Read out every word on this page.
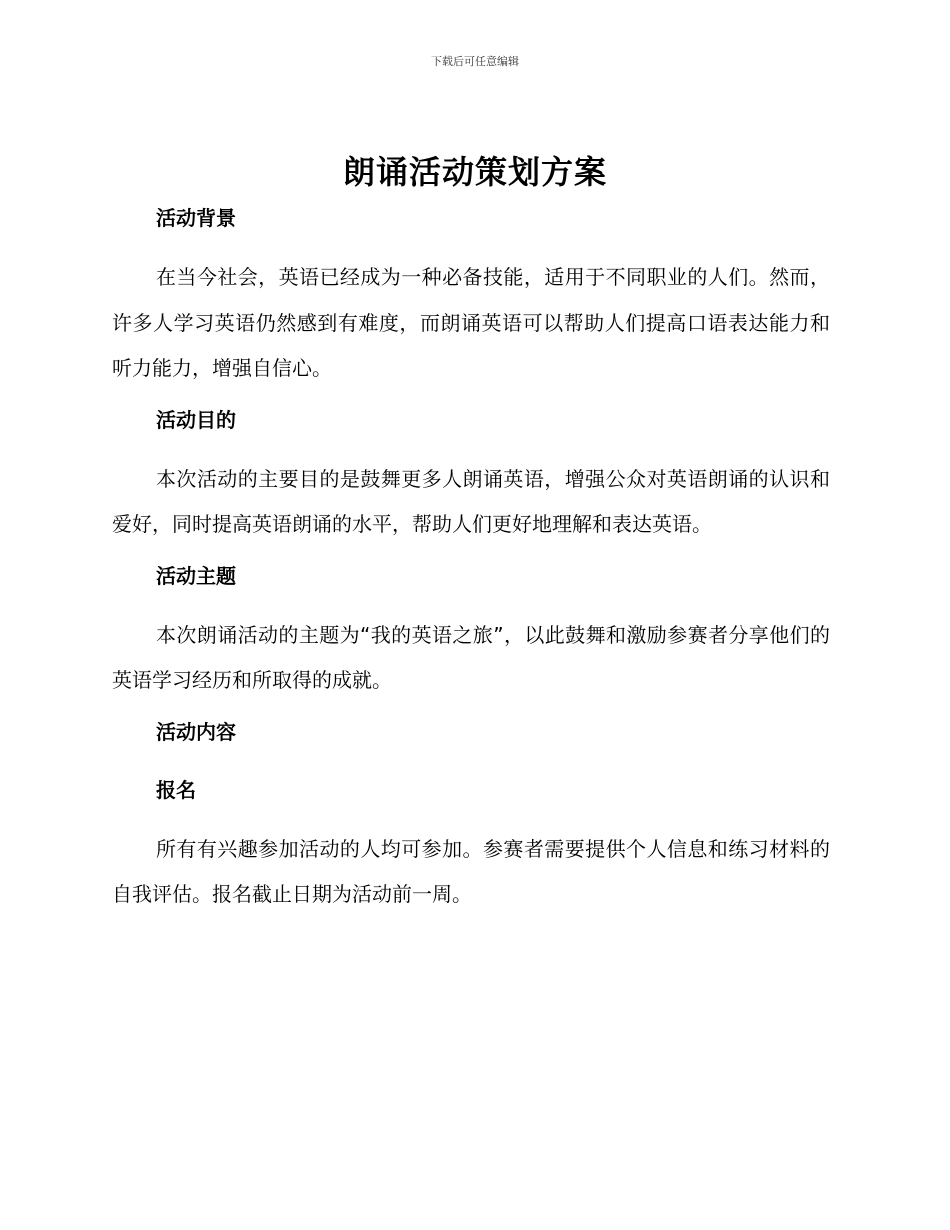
下载后可任意编辑
朗诵活动策划方案
活动背景

在当今社会，英语已经成为一种必备技能，适用于不同职业的人们。然而，许多人学习英语仍然感到有难度，而朗诵英语可以帮助人们提高口语表达能力和听力能力，增强自信心。

活动目的

本次活动的主要目的是鼓舞更多人朗诵英语，增强公众对英语朗诵的认识和爱好，同时提高英语朗诵的水平，帮助人们更好地理解和表达英语。

活动主题

本次朗诵活动的主题为“我的英语之旅”，以此鼓舞和激励参赛者分享他们的英语学习经历和所取得的成就。

活动内容
报名

所有有兴趣参加活动的人均可参加。参赛者需要提供个人信息和练习材料的自我评估。报名截止日期为活动前一周。
